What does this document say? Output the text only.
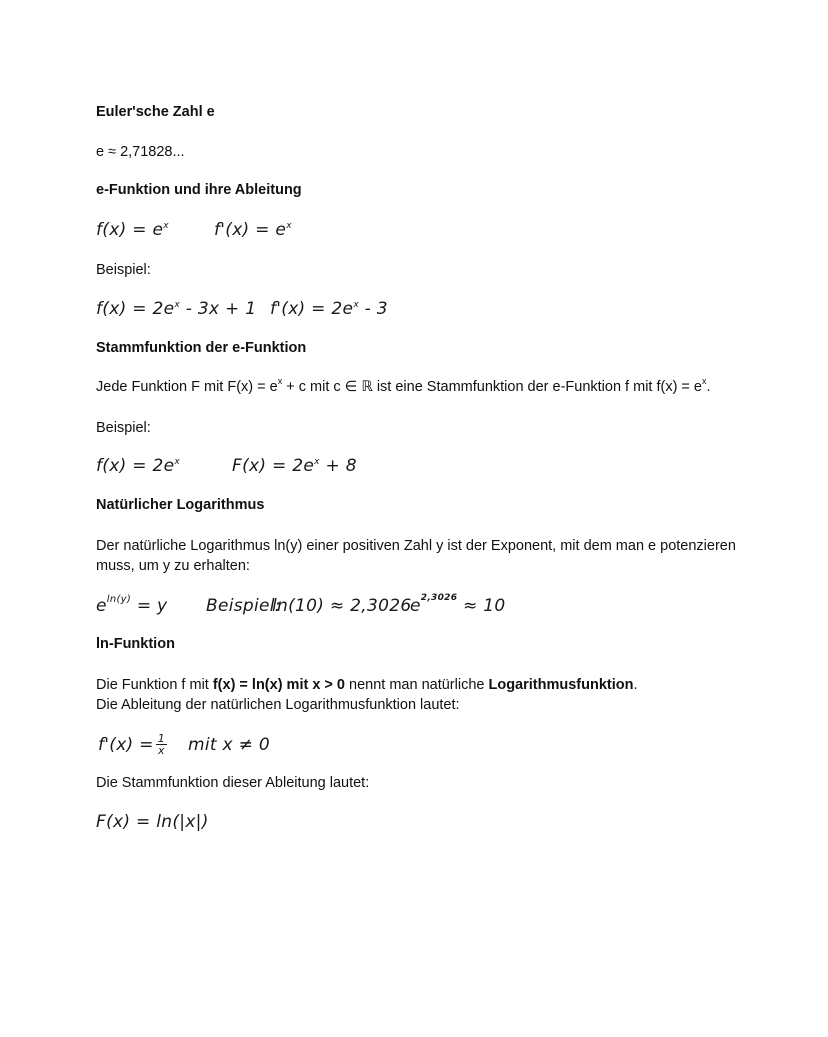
Euler'sche Zahl e
e ≈ 2,71828...
e-Funktion und ihre Ableitung
$f(x) = e^x$	$f'(x) = e^x$
Beispiel:
$f(x) = 2e^x - 3x + 1$ $f'(x) = 2e^x - 3$
Stammfunktion der e-Funktion
Jede Funktion F mit $F(x) = e^x + c$ mit c ∈ ℝ ist eine Stammfunktion der e-Funktion f mit $f(x) = e^x$.
Beispiel:
$f(x) = 2e^x$	$F(x) = 2e^x + 8$
Natürlicher Logarithmus
Der natürliche Logarithmus ln(y) einer positiven Zahl y ist der Exponent, mit dem man e potenzieren
muss, um y zu erhalten:
$e^{ln(y)} = y$ Beispiel:
ln(10) ≈ 2,3026
$e^{2,3026} \approx 10$
ln-Funktion
Die Funktion f mit f(x) = ln(x) mit x > 0 nennt man natürliche Logarithmusfunktion.
Die Ableitung der natürlichen Logarithmusfunktion lautet:
$f'(x) = \frac{1}{x}$ mit x ≠ 0
Die Stammfunktion dieser Ableitung lautet:
F(x) = ln(|x|)
